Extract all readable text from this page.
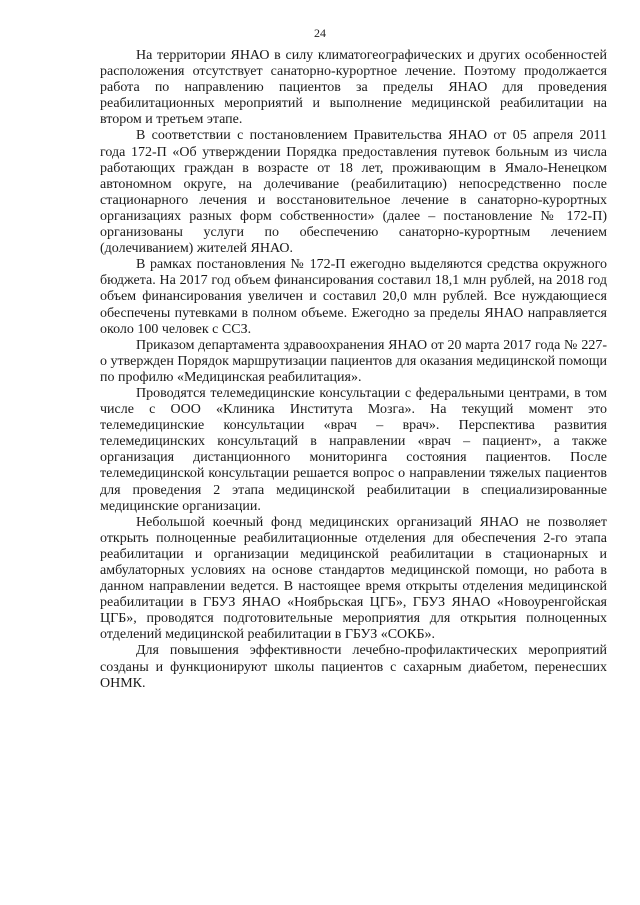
24

На территории ЯНАО в силу климатогеографических и других особенностей расположения отсутствует санаторно-курортное лечение. Поэтому продолжается работа по направлению пациентов за пределы ЯНАО для проведения реабилитационных мероприятий и выполнение медицинской реабилитации на втором и третьем этапе.

В соответствии с постановлением Правительства ЯНАО от 05 апреля 2011 года 172-П «Об утверждении Порядка предоставления путевок больным из числа работающих граждан в возрасте от 18 лет, проживающим в Ямало-Ненецком автономном округе, на долечивание (реабилитацию) непосредственно после стационарного лечения и восстановительное лечение в санаторно-курортных организациях разных форм собственности» (далее – постановление № 172-П) организованы услуги по обеспечению санаторно-курортным лечением (долечиванием) жителей ЯНАО.

В рамках постановления № 172-П ежегодно выделяются средства окружного бюджета. На 2017 год объем финансирования составил 18,1 млн рублей, на 2018 год объем финансирования увеличен и составил 20,0 млн рублей. Все нуждающиеся обеспечены путевками в полном объеме. Ежегодно за пределы ЯНАО направляется около 100 человек с ССЗ.

Приказом департамента здравоохранения ЯНАО от 20 марта 2017 года № 227-о утвержден Порядок маршрутизации пациентов для оказания медицинской помощи по профилю «Медицинская реабилитация».

Проводятся телемедицинские консультации с федеральными центрами, в том числе с ООО «Клиника Института Мозга». На текущий момент это телемедицинские консультации «врач – врач». Перспектива развития телемедицинских консультаций в направлении «врач – пациент», а также организация дистанционного мониторинга состояния пациентов. После телемедицинской консультации решается вопрос о направлении тяжелых пациентов для проведения 2 этапа медицинской реабилитации в специализированные медицинские организации.

Небольшой коечный фонд медицинских организаций ЯНАО не позволяет открыть полноценные реабилитационные отделения для обеспечения 2-го этапа реабилитации и организации медицинской реабилитации в стационарных и амбулаторных условиях на основе стандартов медицинской помощи, но работа в данном направлении ведется. В настоящее время открыты отделения медицинской реабилитации в ГБУЗ ЯНАО «Ноябрьская ЦГБ», ГБУЗ ЯНАО «Новоуренгойская ЦГБ», проводятся подготовительные мероприятия для открытия полноценных отделений медицинской реабилитации в ГБУЗ «СОКБ».

Для повышения эффективности лечебно-профилактических мероприятий созданы и функционируют школы пациентов с сахарным диабетом, перенесших ОНМК.
